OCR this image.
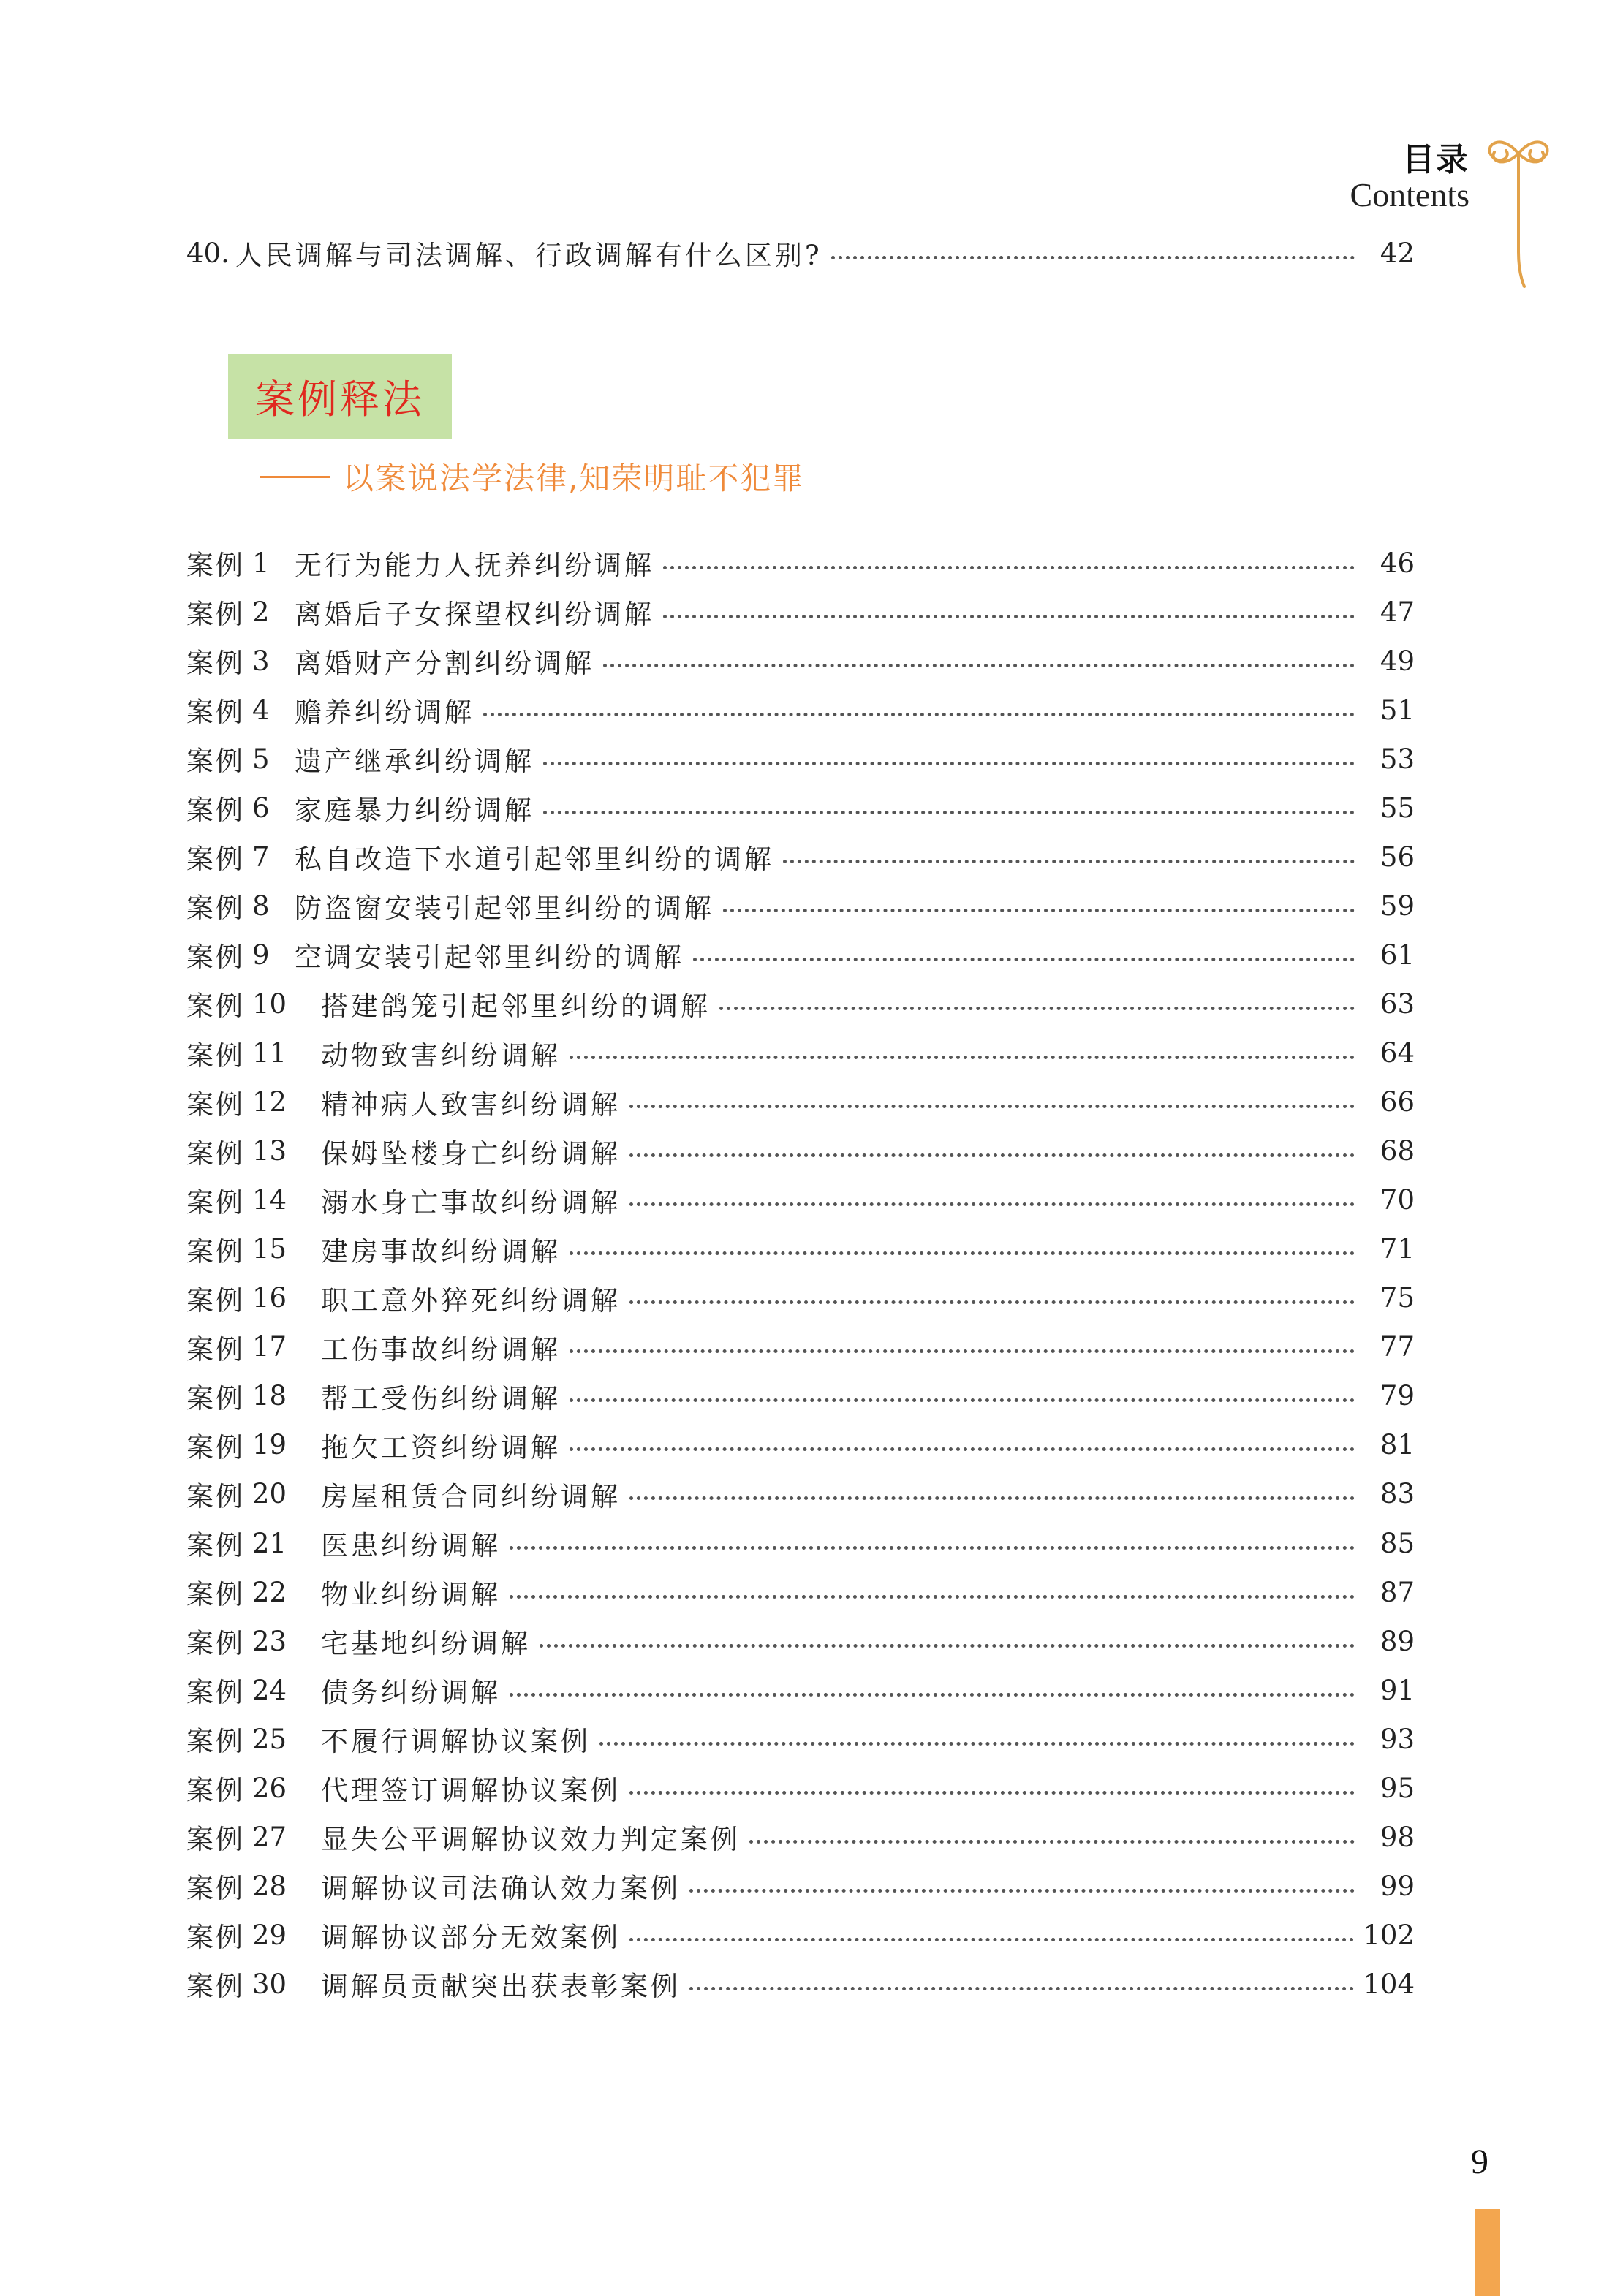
目录
Contents
40. 人民调解与司法调解、行政调解有什么区别?	42
案例释法
以案说法学法律,知荣明耻不犯罪
案例 1 无行为能力人抚养纠纷调解	46
案例 2 离婚后子女探望权纠纷调解	47
案例 3 离婚财产分割纠纷调解	49
案例 4 赡养纠纷调解	51
案例 5 遗产继承纠纷调解	53
案例 6 家庭暴力纠纷调解	55
案例 7 私自改造下水道引起邻里纠纷的调解	56
案例 8 防盗窗安装引起邻里纠纷的调解	59
案例 9 空调安装引起邻里纠纷的调解	61
案例 10	搭建鸽笼引起邻里纠纷的调解	63
案例 11	动物致害纠纷调解	64
案例 12	精神病人致害纠纷调解	66
案例 13	保姆坠楼身亡纠纷调解	68
案例 14	溺水身亡事故纠纷调解	70
案例 15	建房事故纠纷调解	71
案例 16	职工意外猝死纠纷调解	75
案例 17	工伤事故纠纷调解	77
案例 18	帮工受伤纠纷调解	79
案例 19	拖欠工资纠纷调解	81
案例 20	房屋租赁合同纠纷调解	83
案例 21	医患纠纷调解	85
案例 22	物业纠纷调解	87
案例 23	宅基地纠纷调解	89
案例 24	债务纠纷调解	91
案例 25	不履行调解协议案例	93
案例 26	代理签订调解协议案例	95
案例 27	显失公平调解协议效力判定案例	98
案例 28	调解协议司法确认效力案例	99
案例 29	调解协议部分无效案例	102
案例 30	调解员贡献突出获表彰案例	104
9
